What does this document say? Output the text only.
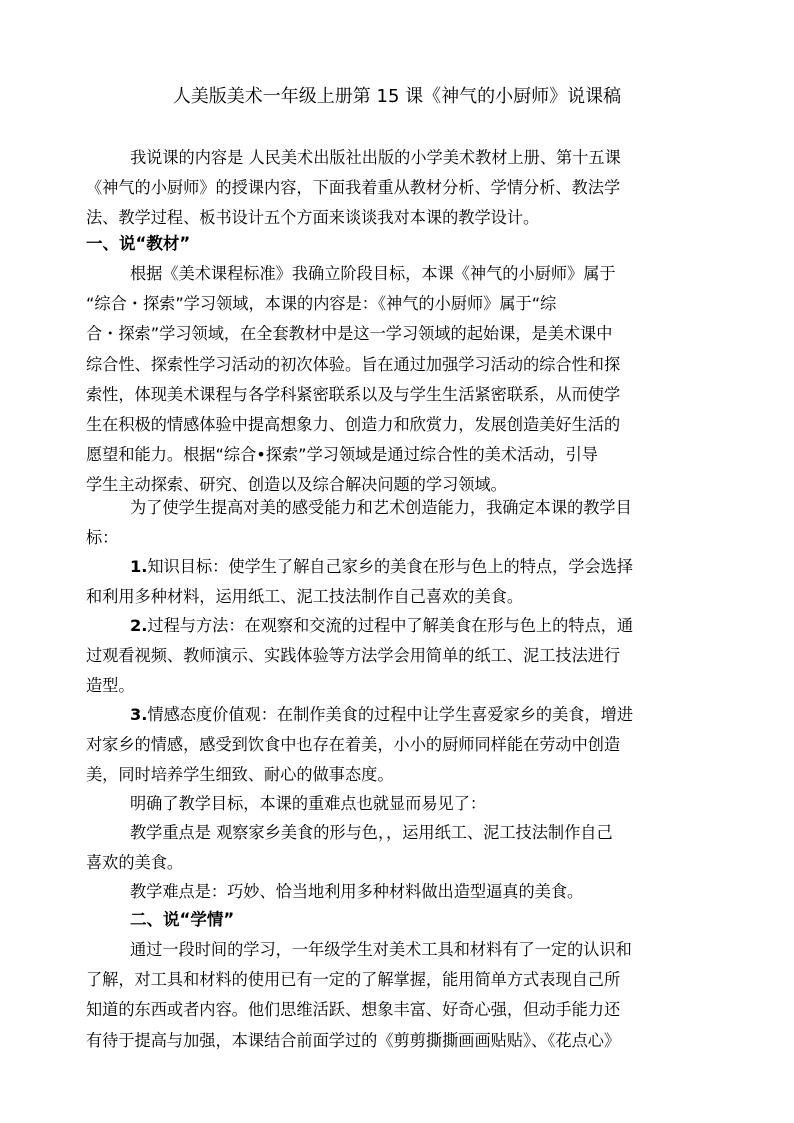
人美版美术一年级上册第 15 课《神气的小厨师》说课稿
我说课的内容是 人民美术出版社出版的小学美术教材上册、第十五课
《神气的小厨师》的授课内容，下面我着重从教材分析、学情分析、教法学
法、教学过程、板书设计五个方面来谈谈我对本课的教学设计。
一、说“教材”
根据《美术课程标准》我确立阶段目标，本课《神气的小厨师》属于
“综合・探索”学习领域，本课的内容是：《神气的小厨师》属于“综
合・探索”学习领域，在全套教材中是这一学习领域的起始课，是美术课中
综合性、探索性学习活动的初次体验。旨在通过加强学习活动的综合性和探
索性，体现美术课程与各学科紧密联系以及与学生生活紧密联系，从而使学
生在积极的情感体验中提高想象力、创造力和欣赏力，发展创造美好生活的
愿望和能力。根据“综合•探索”学习领域是通过综合性的美术活动，引导
学生主动探索、研究、创造以及综合解决问题的学习领域。
为了使学生提高对美的感受能力和艺术创造能力，我确定本课的教学目
标：
1.知识目标：使学生了解自己家乡的美食在形与色上的特点，学会选择
和利用多种材料，运用纸工、泥工技法制作自己喜欢的美食。
2.过程与方法：在观察和交流的过程中了解美食在形与色上的特点，通
过观看视频、教师演示、实践体验等方法学会用简单的纸工、泥工技法进行
造型。
3.情感态度价值观：在制作美食的过程中让学生喜爱家乡的美食，增进
对家乡的情感，感受到饮食中也存在着美，小小的厨师同样能在劳动中创造
美，同时培养学生细致、耐心的做事态度。
明确了教学目标，本课的重难点也就显而易见了：
教学重点是 观察家乡美食的形与色，，运用纸工、泥工技法制作自己
喜欢的美食。
教学难点是：巧妙、恰当地利用多种材料做出造型逼真的美食。
二、说“学情”
通过一段时间的学习，一年级学生对美术工具和材料有了一定的认识和
了解，对工具和材料的使用已有一定的了解掌握，能用简单方式表现自己所
知道的东西或者内容。他们思维活跃、想象丰富、好奇心强，但动手能力还
有待于提高与加强，本课结合前面学过的《剪剪撕撕画画贴贴》、《花点心》
